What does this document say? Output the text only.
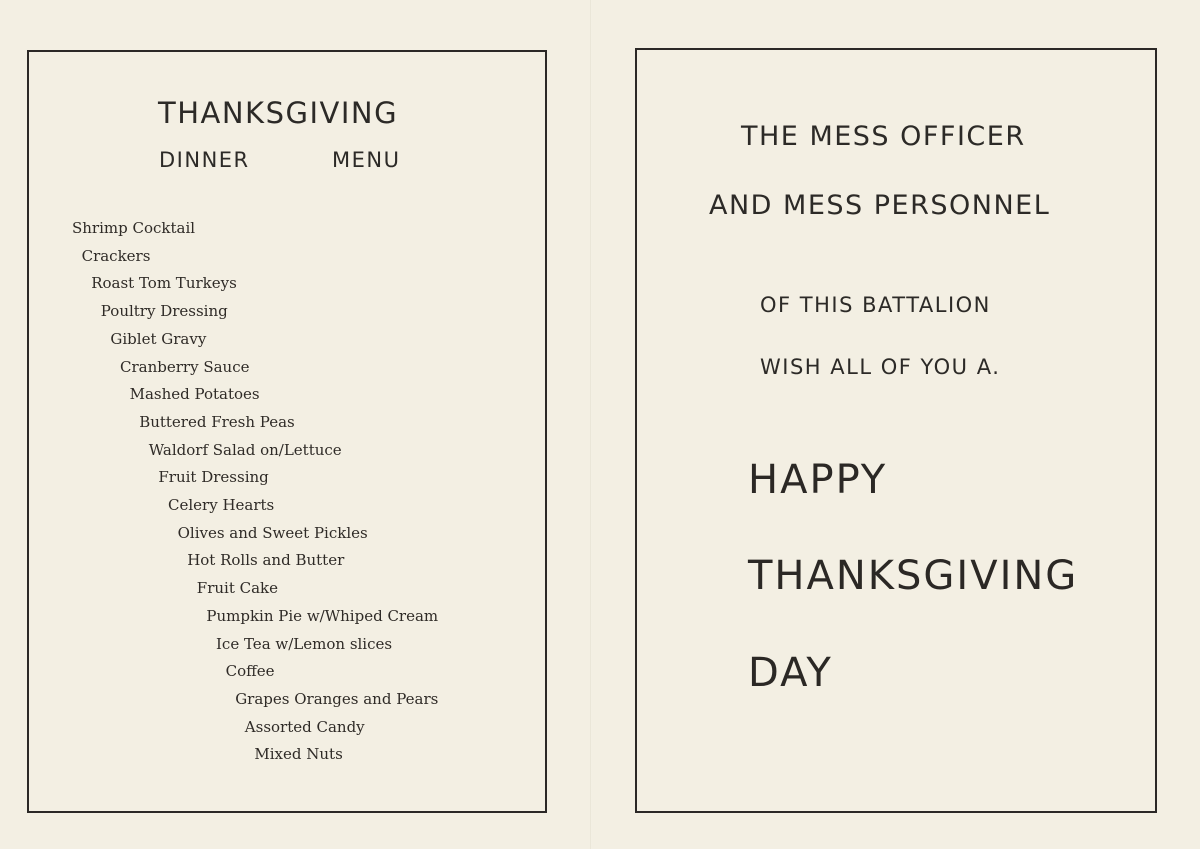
THANKSGIVING
DINNER	MENU
Shrimp Cocktail
Crackers
Roast Tom Turkeys
Poultry Dressing
Giblet Gravy
Cranberry Sauce
Mashed Potatoes
Buttered Fresh Peas
Waldorf Salad on/Lettuce
Fruit Dressing
Celery Hearts
Olives and Sweet Pickles
Hot Rolls and Butter
Fruit Cake
Pumpkin Pie w/Whiped Cream
Ice Tea w/Lemon slices
Coffee
Grapes Oranges and Pears
Assorted Candy
Mixed Nuts
THE MESS OFFICER
AND MESS PERSONNEL
OF THIS BATTALION
WISH ALL OF YOU A.
HAPPY
THANKSGIVING
DAY
